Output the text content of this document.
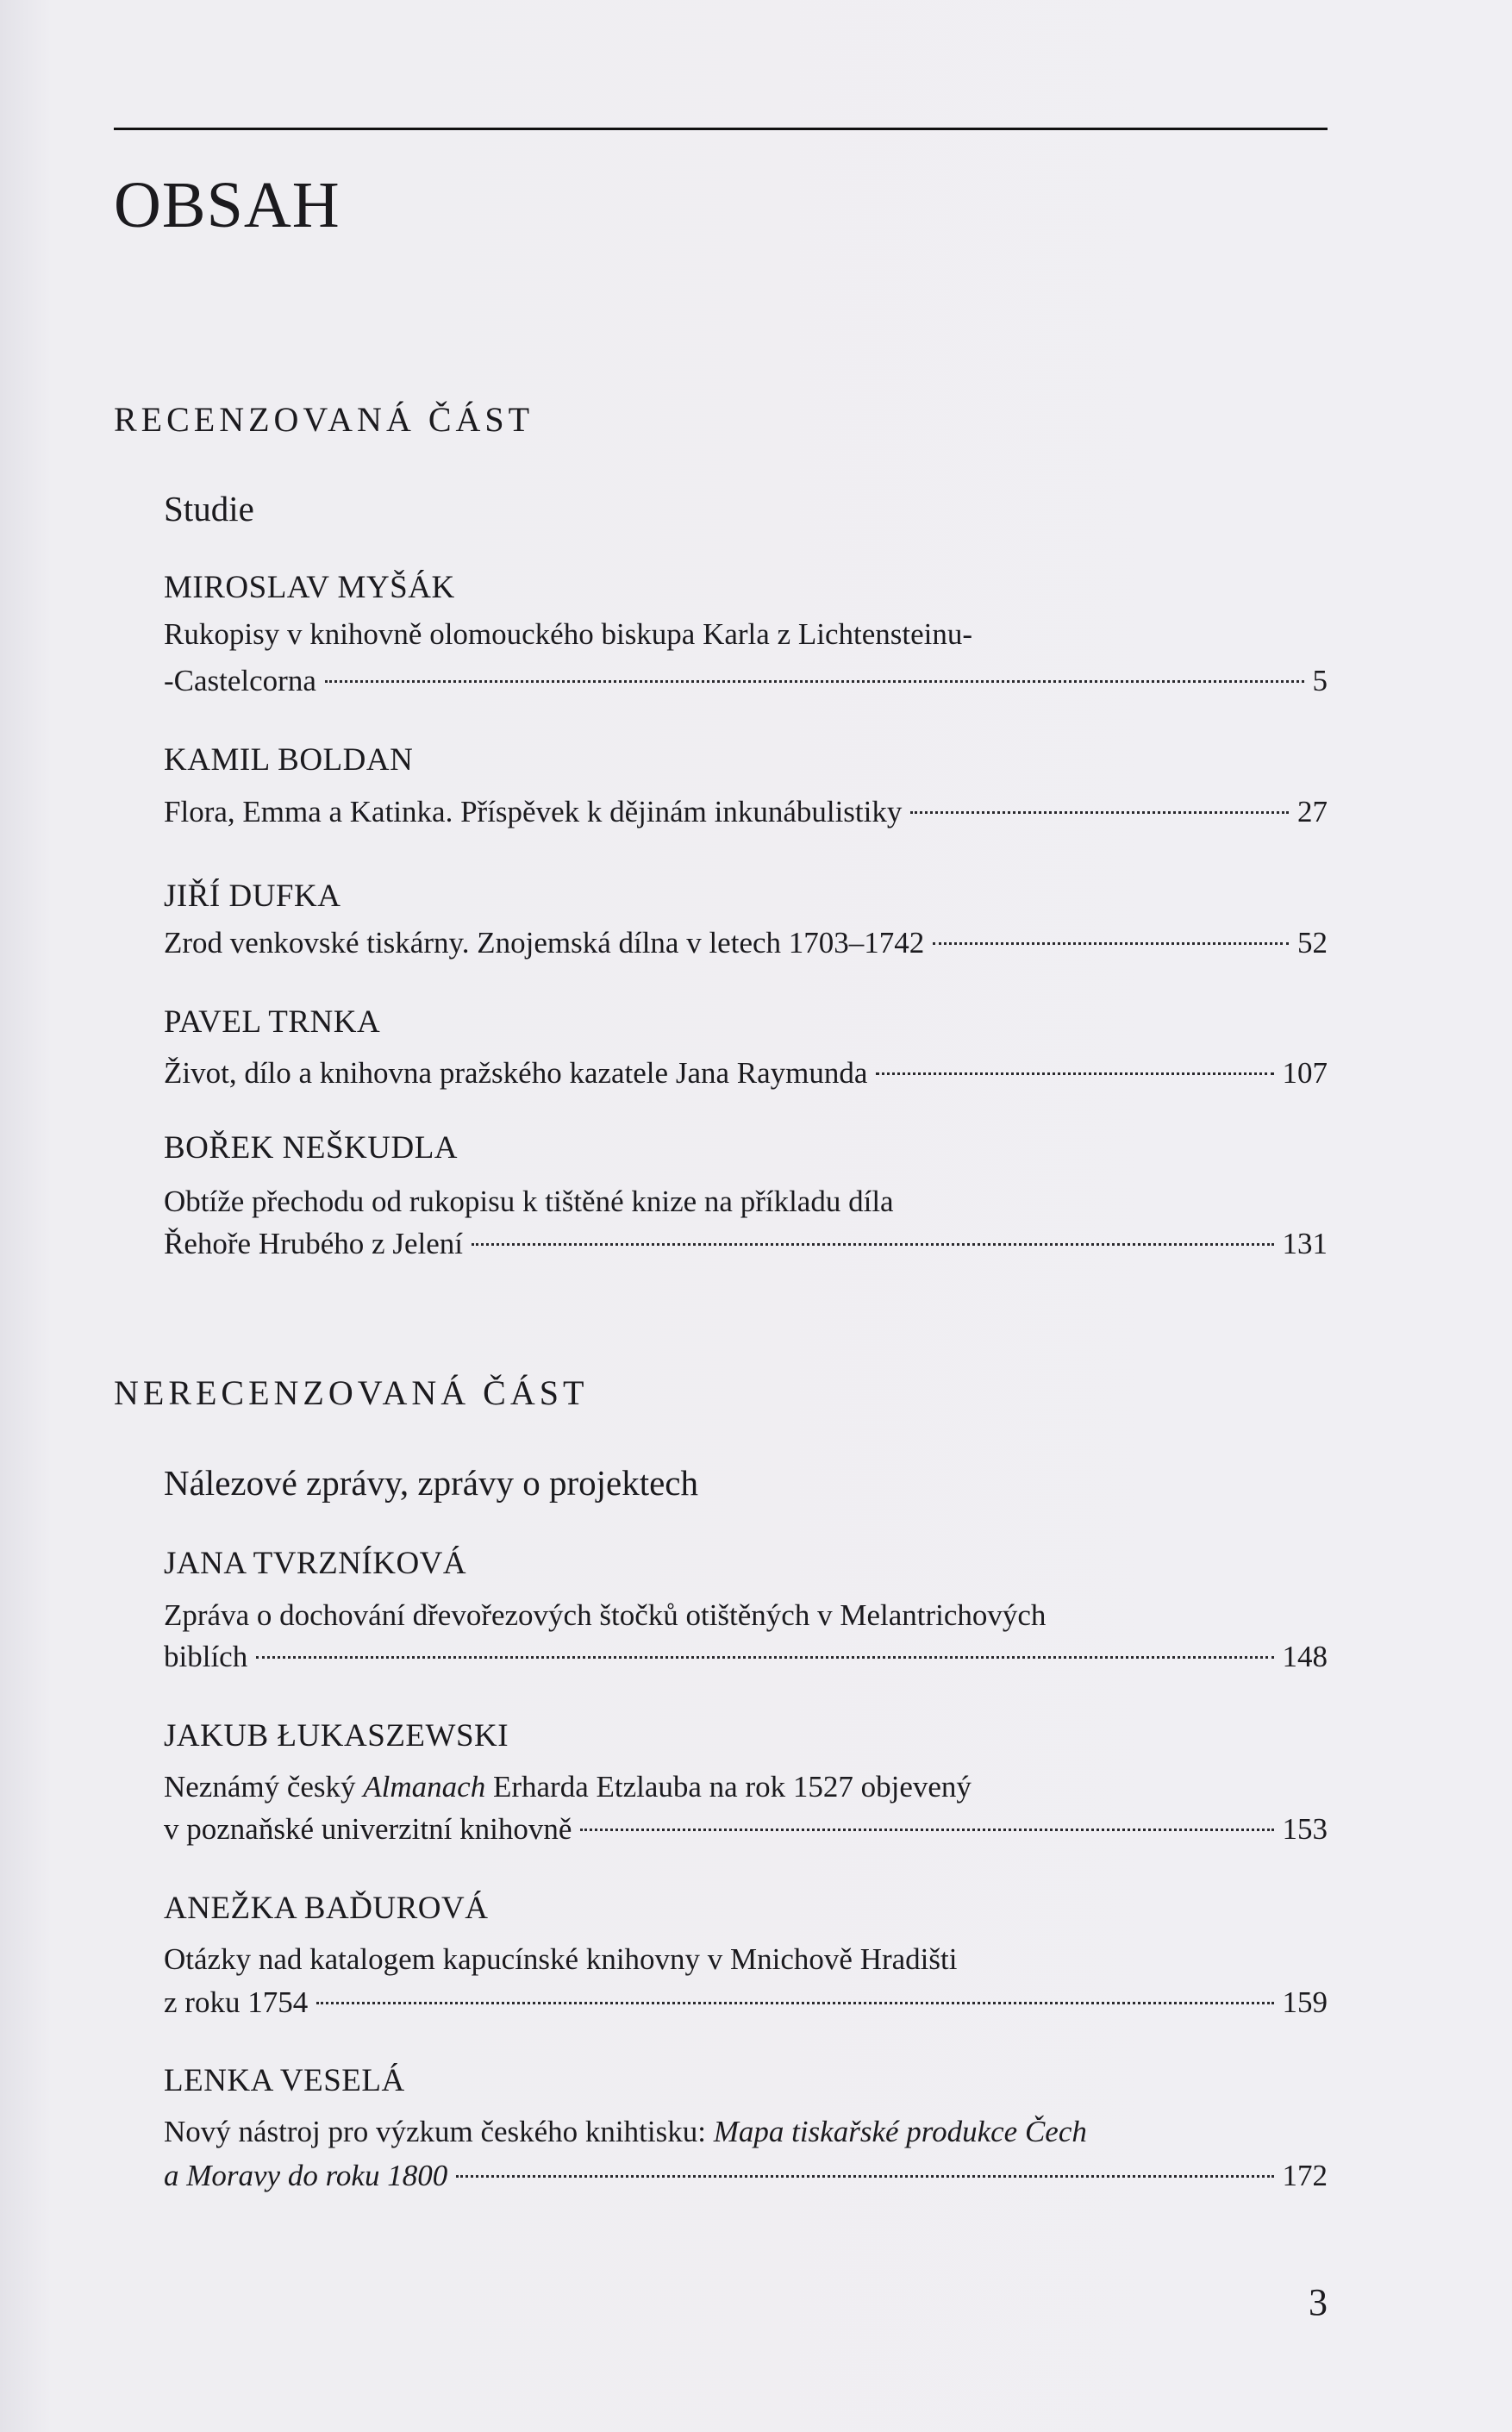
OBSAH
RECENZOVANÁ ČÁST
Studie
MIROSLAV MYŠÁK
Rukopisy v knihovně olomouckého biskupa Karla z Lichtensteinu-
-Castelcorna	5
KAMIL BOLDAN
Flora, Emma a Katinka. Příspěvek k dějinám inkunábulistiky	27
JIŘÍ DUFKA
Zrod venkovské tiskárny. Znojemská dílna v letech 1703–1742	52
PAVEL TRNKA
Život, dílo a knihovna pražského kazatele Jana Raymunda	107
BOŘEK NEŠKUDLA
Obtíže přechodu od rukopisu k tištěné knize na příkladu díla
Řehoře Hrubého z Jelení	131
NERECENZOVANÁ ČÁST
Nálezové zprávy, zprávy o projektech
JANA TVRZNÍKOVÁ
Zpráva o dochování dřevořezových štočků otištěných v Melantrichových
biblích	148
JAKUB ŁUKASZEWSKI
Neznámý český Almanach Erharda Etzlauba na rok 1527 objevený
v poznaňské univerzitní knihovně	153
ANEŽKA BAĎUROVÁ
Otázky nad katalogem kapucínské knihovny v Mnichově Hradišti
z roku 1754	159
LENKA VESELÁ
Nový nástroj pro výzkum českého knihtisku: Mapa tiskařské produkce Čech
a Moravy do roku 1800	172
3
